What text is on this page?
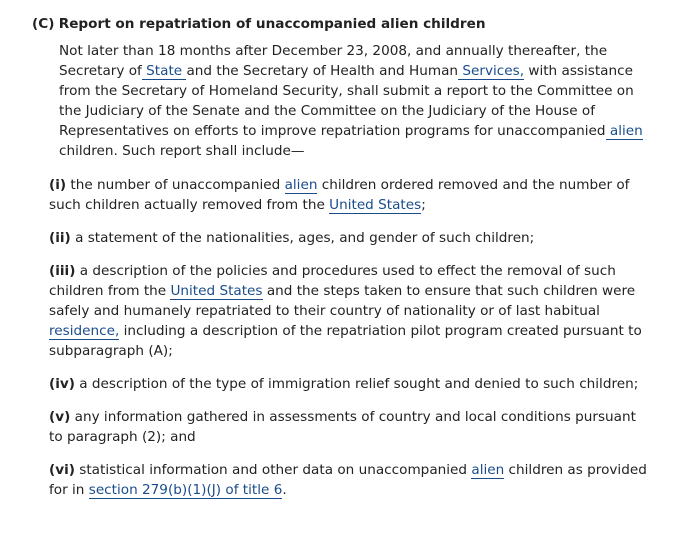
(C) Report on repatriation of unaccompanied alien children

Not later than 18 months after December 23, 2008, and annually thereafter, the Secretary of State and the Secretary of Health and Human Services, with assistance from the Secretary of Homeland Security, shall submit a report to the Committee on the Judiciary of the Senate and the Committee on the Judiciary of the House of Representatives on efforts to improve repatriation programs for unaccompanied alien children. Such report shall include—

(i) the number of unaccompanied alien children ordered removed and the number of such children actually removed from the United States;

(ii) a statement of the nationalities, ages, and gender of such children;

(iii) a description of the policies and procedures used to effect the removal of such children from the United States and the steps taken to ensure that such children were safely and humanely repatriated to their country of nationality or of last habitual residence, including a description of the repatriation pilot program created pursuant to subparagraph (A);

(iv) a description of the type of immigration relief sought and denied to such children;

(v) any information gathered in assessments of country and local conditions pursuant to paragraph (2); and

(vi) statistical information and other data on unaccompanied alien children as provided for in section 279(b)(1)(J) of title 6.
